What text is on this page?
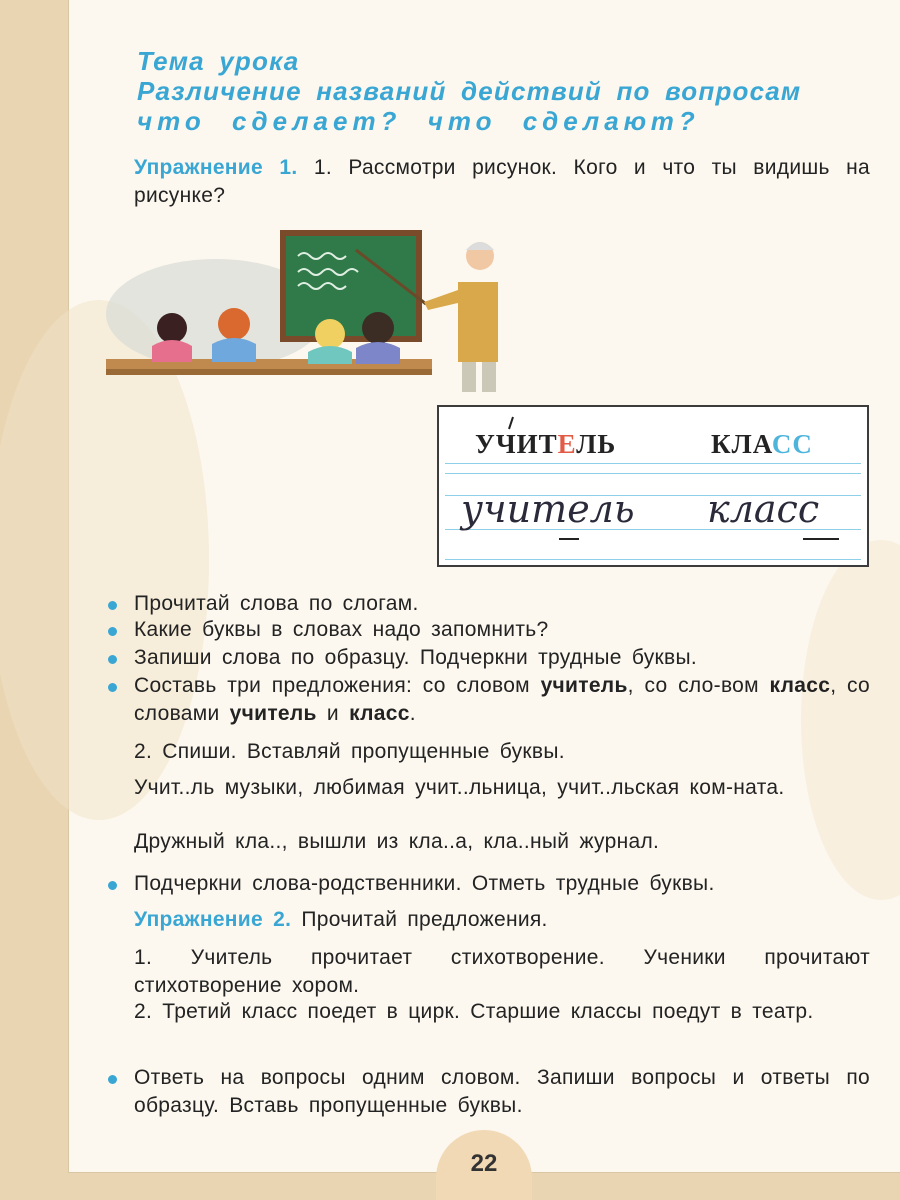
Тема урока
Различение названий действий по вопросам
что сделает? что сделают?
Упражнение 1. 1. Рассмотри рисунок. Кого и что ты видишь на рисунке?
УЧИТЕЛЬ	КЛАСС
учитель класс
Прочитай слова по слогам.
Какие буквы в словах надо запомнить?
Запиши слова по образцу. Подчеркни трудные буквы.
Составь три предложения: со словом учитель, со сло-вом класс, со словами учитель и класс.
2. Спиши. Вставляй пропущенные буквы.
Учит..ль музыки, любимая учит..льница, учит..льская ком-ната.
Дружный кла.., вышли из кла..а, кла..ный журнал.
Подчеркни слова-родственники. Отметь трудные буквы.
Упражнение 2. Прочитай предложения.
1. Учитель прочитает стихотворение. Ученики прочитают стихотворение хором.
2. Третий класс поедет в цирк. Старшие классы поедут в театр.
Ответь на вопросы одним словом. Запиши вопросы и ответы по образцу. Вставь пропущенные буквы.
22
